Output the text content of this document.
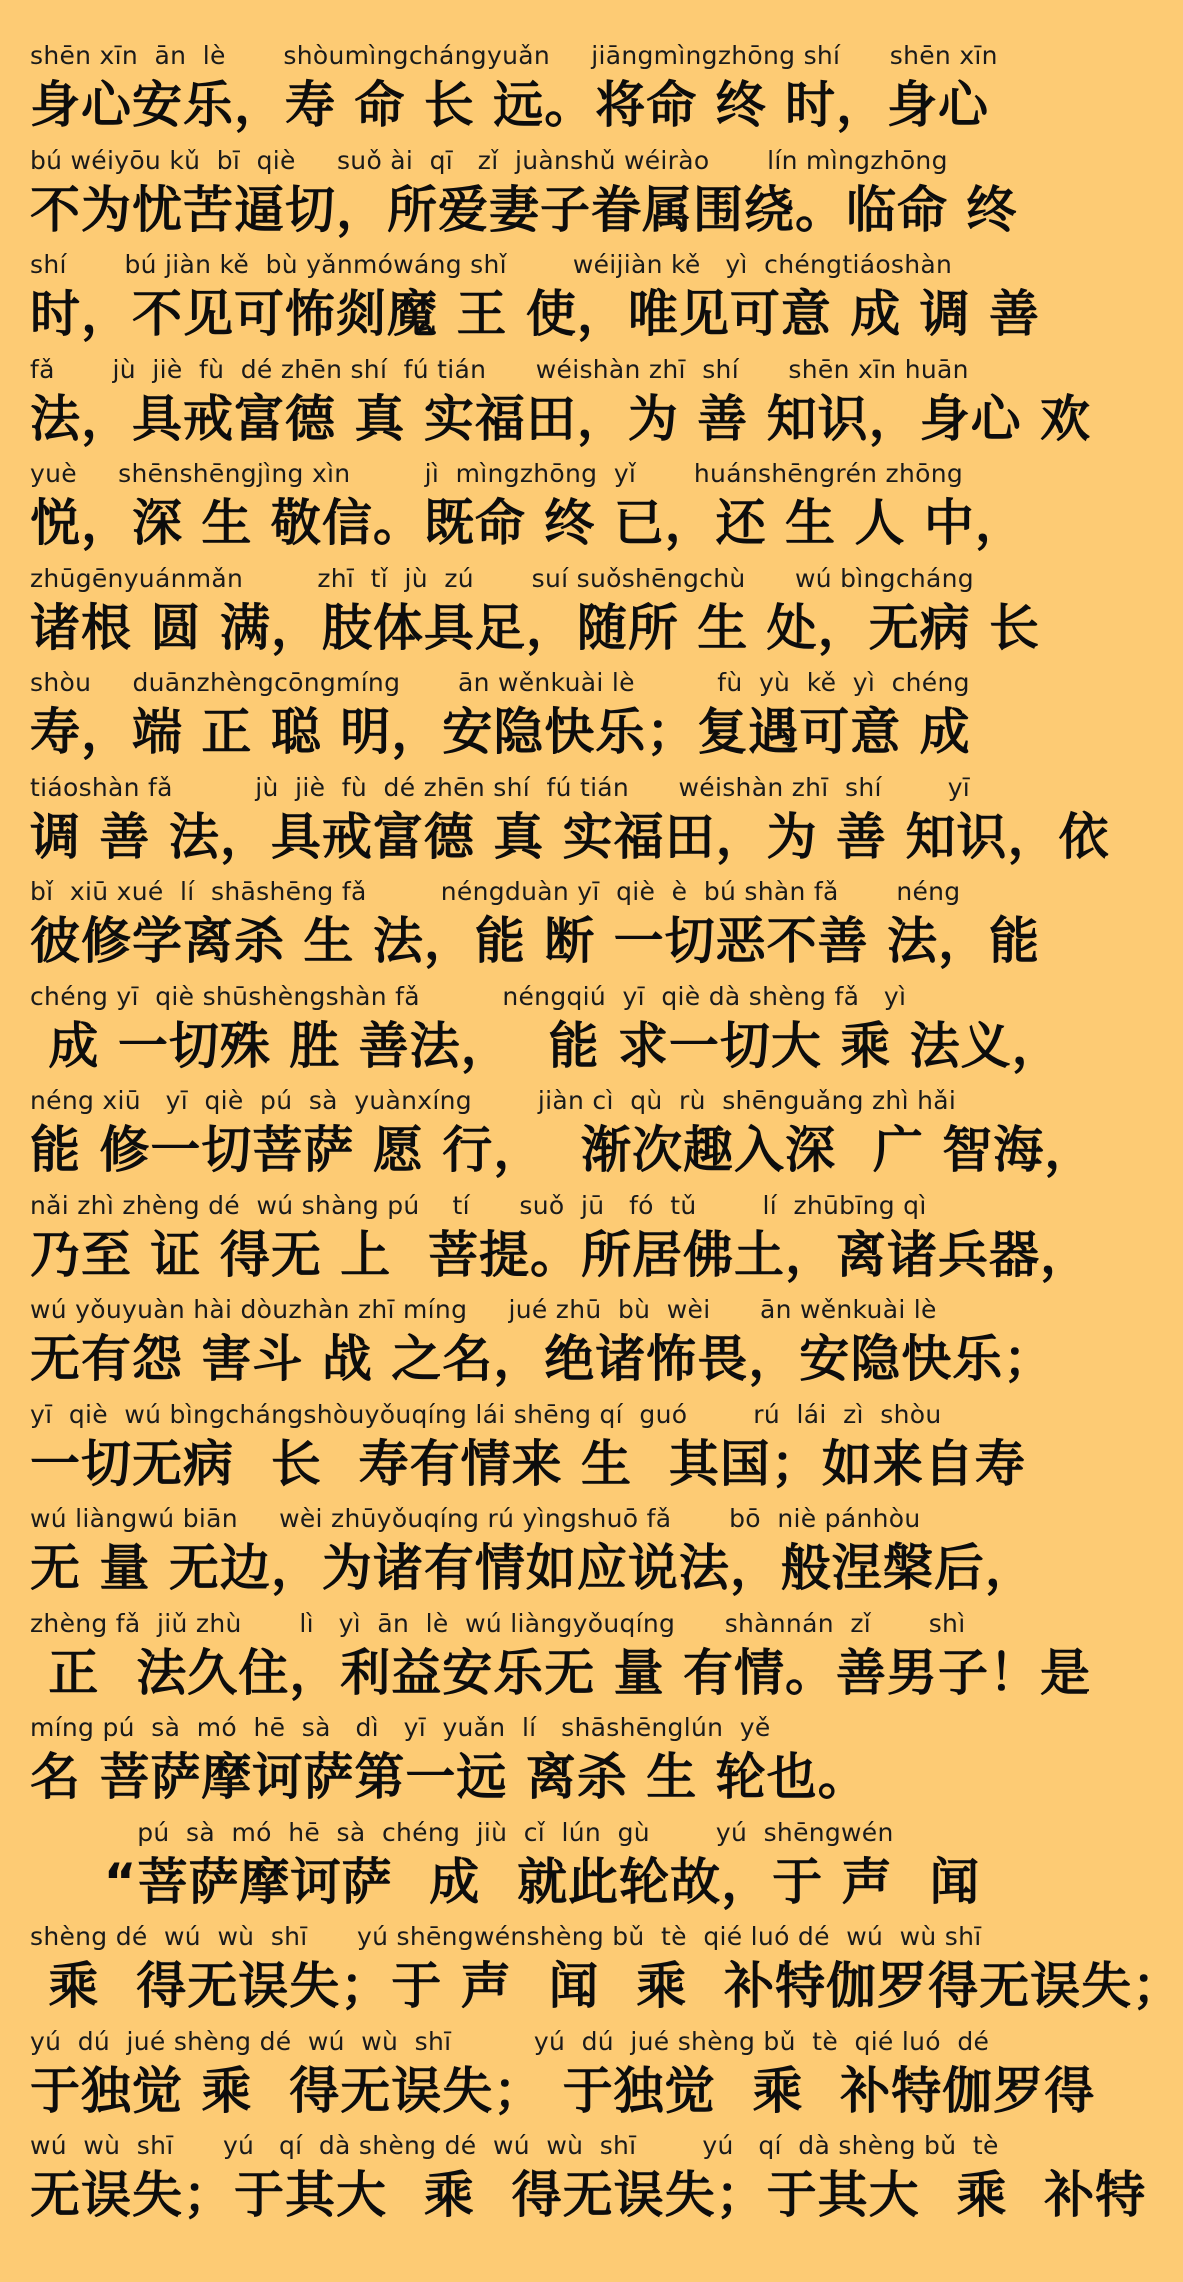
shēn xīn  ān  lè       shòumìngchángyuǎn     jiāngmìngzhōng shí      shēn xīn
身心安乐，寿 命 长 远。将命 终 时，身心
bú wéiyōu kǔ  bī  qiè     suǒ ài  qī   zǐ  juànshǔ wéirào       lín mìngzhōng
不为忧苦逼切，所爱妻子眷属围绕。临命 终
shí       bú jiàn kě  bù yǎnmówáng shǐ        wéijiàn kě   yì  chéngtiáoshàn
时，不见可怖剡魔 王 使，唯见可意 成 调 善
fǎ       jù  jiè  fù  dé zhēn shí  fú tián      wéishàn zhī  shí      shēn xīn huān
法，具戒富德 真 实福田，为 善 知识，身心 欢
yuè     shēnshēngjìng xìn         jì  mìngzhōng  yǐ       huánshēngrén zhōng
悦，深 生 敬信。既命 终 已，还 生 人 中，
zhūgēnyuánmǎn         zhī  tǐ  jù  zú       suí suǒshēngchù      wú bìngcháng
诸根 圆 满，肢体具足，随所 生 处，无病 长
shòu     duānzhèngcōngmíng       ān wěnkuài lè          fù  yù  kě  yì  chéng
寿，端 正 聪 明，安隐快乐；复遇可意 成
tiáoshàn fǎ          jù  jiè  fù  dé zhēn shí  fú tián      wéishàn zhī  shí        yī
调 善 法，具戒富德 真 实福田，为 善 知识，依
bǐ  xiū xué  lí  shāshēng fǎ         néngduàn yī  qiè  è  bú shàn fǎ       néng
彼修学离杀 生 法，能 断 一切恶不善 法，能
chéng yī  qiè shūshèngshàn fǎ          néngqiú  yī  qiè dà shèng fǎ   yì
成 一切殊 胜 善法，  能 求一切大 乘 法义，
néng xiū   yī  qiè  pú  sà  yuànxíng        jiàn cì  qù  rù  shēnguǎng zhì hǎi
能 修一切菩萨 愿 行，  渐次趣入深  广 智海，
nǎi zhì zhèng dé  wú shàng pú    tí      suǒ  jū   fó  tǔ        lí  zhūbīng qì
乃至 证 得无 上  菩提。所居佛土，离诸兵器，
wú yǒuyuàn hài dòuzhàn zhī míng     jué zhū  bù  wèi      ān wěnkuài lè
无有怨 害斗 战 之名，绝诸怖畏，安隐快乐；
yī  qiè  wú bìngchángshòuyǒuqíng lái shēng qí  guó        rú  lái  zì  shòu
一切无病  长  寿有情来 生  其国；如来自寿
wú liàngwú biān     wèi zhūyǒuqíng rú yìngshuō fǎ       bō  niè pánhòu
无 量 无边，为诸有情如应说法，般涅槃后，
zhèng fǎ  jiǔ zhù       lì   yì  ān  lè  wú liàngyǒuqíng      shànnán  zǐ       shì
正  法久住，利益安乐无 量 有情。善男子！是
míng pú  sà  mó  hē  sà   dì   yī  yuǎn  lí   shāshēnglún  yě
名 菩萨摩诃萨第一远 离杀 生 轮也。
pú  sà  mó  hē  sà  chéng  jiù  cǐ  lún  gù        yú  shēngwén
“菩萨摩诃萨  成  就此轮故，于 声  闻
shèng dé  wú  wù  shī      yú shēngwénshèng bǔ  tè  qié luó dé  wú  wù shī
乘  得无误失；于 声  闻  乘  补特伽罗得无误失；
yú  dú  jué shèng dé  wú  wù  shī          yú  dú  jué shèng bǔ  tè  qié luó  dé
于独觉 乘  得无误失； 于独觉  乘  补特伽罗得
wú  wù  shī      yú   qí  dà shèng dé  wú  wù  shī        yú   qí  dà shèng bǔ  tè
无误失；于其大  乘  得无误失；于其大  乘  补特
